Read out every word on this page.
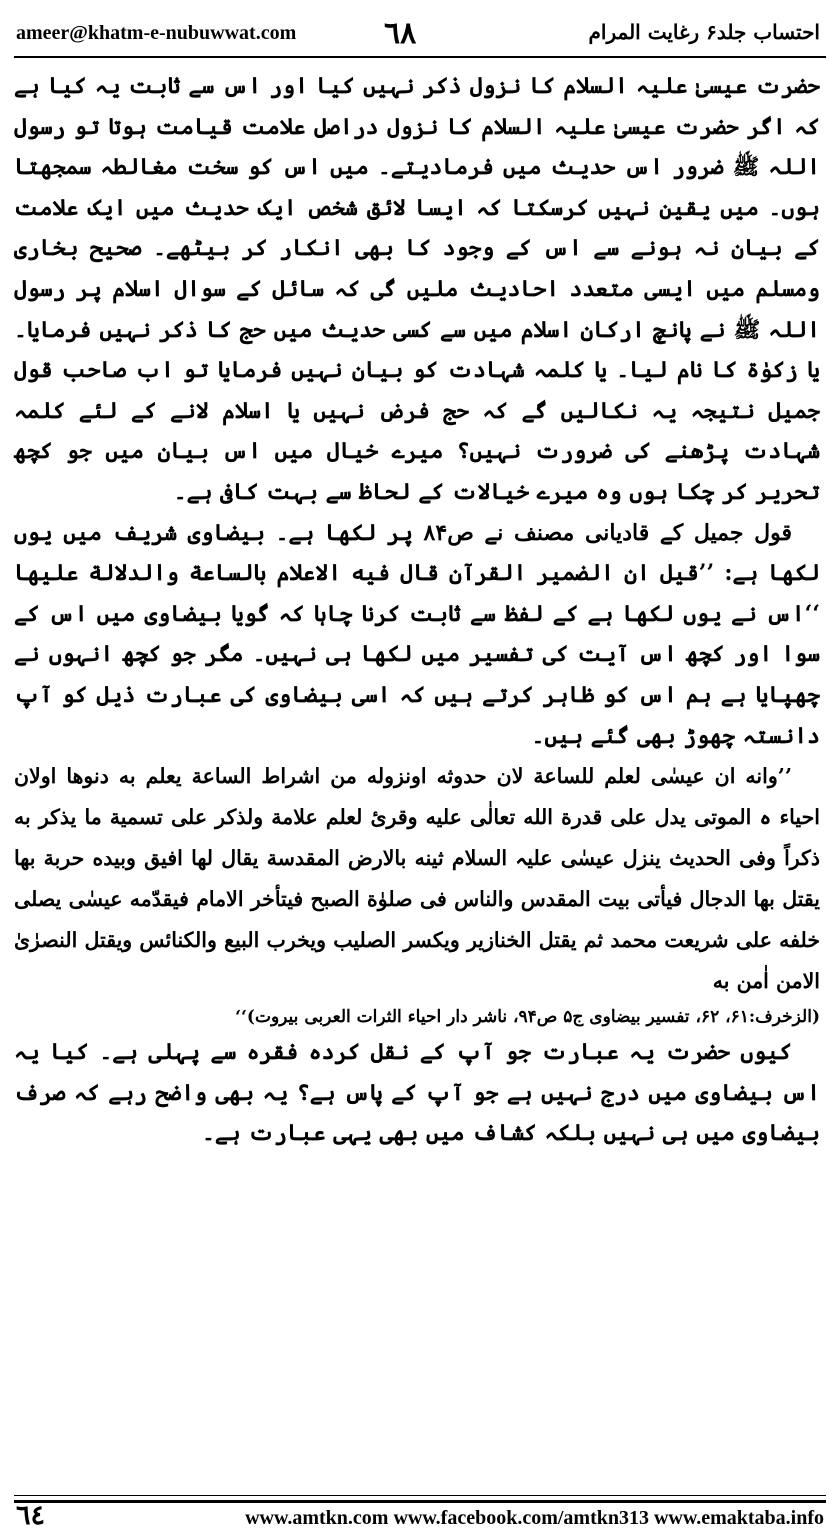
ameer@khatm-e-nubuwwat.com	٦٨	احتساب جلد۶ رغایت المرام

حضرت عیسیٰ علیہ السلام کا نزول ذکر نہیں کیا اور اس سے ثابت یہ کیا ہے کہ اگر حضرت عیسیٰ علیہ السلام کا نزول دراصل علامت قیامت ہوتا تو رسول اللہ ﷺ ضرور اس حدیث میں فرمادیتے۔ میں اس کو سخت مغالطہ سمجھتا ہوں۔ میں یقین نہیں کرسکتا کہ ایسا لائق شخص ایک حدیث میں ایک علامت کے بیان نہ ہونے سے اس کے وجود کا بھی انکار کر بیٹھے۔ صحیح بخاری ومسلم میں ایسی متعدد احادیث ملیں گی کہ سائل کے سوال اسلام پر رسول اللہ ﷺ نے پانچ ارکان اسلام میں سے کسی حدیث میں حج کا ذکر نہیں فرمایا۔ یا زکوٰۃ کا نام لیا۔ یا کلمہ شہادت کو بیان نہیں فرمایا تو اب صاحب قول جمیل نتیجہ یہ نکالیں گے کہ حج فرض نہیں یا اسلام لانے کے لئے کلمہ شہادت پڑھنے کی ضرورت نہیں؟ میرے خیال میں اس بیان میں جو کچھ تحریر کر چکا ہوں وہ میرے خیالات کے لحاظ سے بہت کافی ہے۔

قول جمیل کے قادیانی مصنف نے ص۸۴ پر لکھا ہے۔ بیضاوی شریف میں یوں لکھا ہے: ’’قیل ان الضمیر القرآن قال فیه الاعلام بالساعة والدلالة علیها ‘‘اس نے یوں لکھا ہے کے لفظ سے ثابت کرنا چاہا کہ گویا بیضاوی میں اس کے سوا اور کچھ اس آیت کی تفسیر میں لکھا ہی نہیں۔ مگر جو کچھ انہوں نے چھپایا ہے ہم اس کو ظاہر کرتے ہیں کہ اسی بیضاوی کی عبارت ذیل کو آپ دانستہ چھوڑ بھی گئے ہیں۔

’’وانه ان عیسٰی لعلم للساعة لان حدوثه اونزوله من اشراط الساعة یعلم به دنوها اولان احیاء ہ الموتی یدل علی قدرة الله تعالٰی علیه وقرئ لعلم علامة ولذکر علی تسمیة ما یذکر به ذکراً وفی الحدیث ینزل عیسٰی علیہ السلام ثینه بالارض المقدسة یقال لها افیق وبیده حربة بها یقتل بها الدجال فیأتی بیت المقدس والناس فی صلوٰة الصبح فیتأخر الامام فیقدّمه عیسٰی یصلی خلفه علی شریعت محمد ثم یقتل الخنازیر ویکسر الصلیب ویخرب البیع والکنائس ویقتل النصرٰیٰ الامن اٰمن به

(الزخرف:۶۱، ۶۲، تفسیر بیضاوی ج۵ ص۹۴، ناشر دار احیاء الثرات العربی بیروت)‘‘

کیوں حضرت یہ عبارت جو آپ کے نقل کردہ فقرہ سے پہلی ہے۔ کیا یہ اس بیضاوی میں درج نہیں ہے جو آپ کے پاس ہے؟ یہ بھی واضح رہے کہ صرف بیضاوی میں ہی نہیں بلکہ کشاف میں بھی یہی عبارت ہے۔

٦٤	www.amtkn.com www.facebook.com/amtkn313 www.emaktaba.info
